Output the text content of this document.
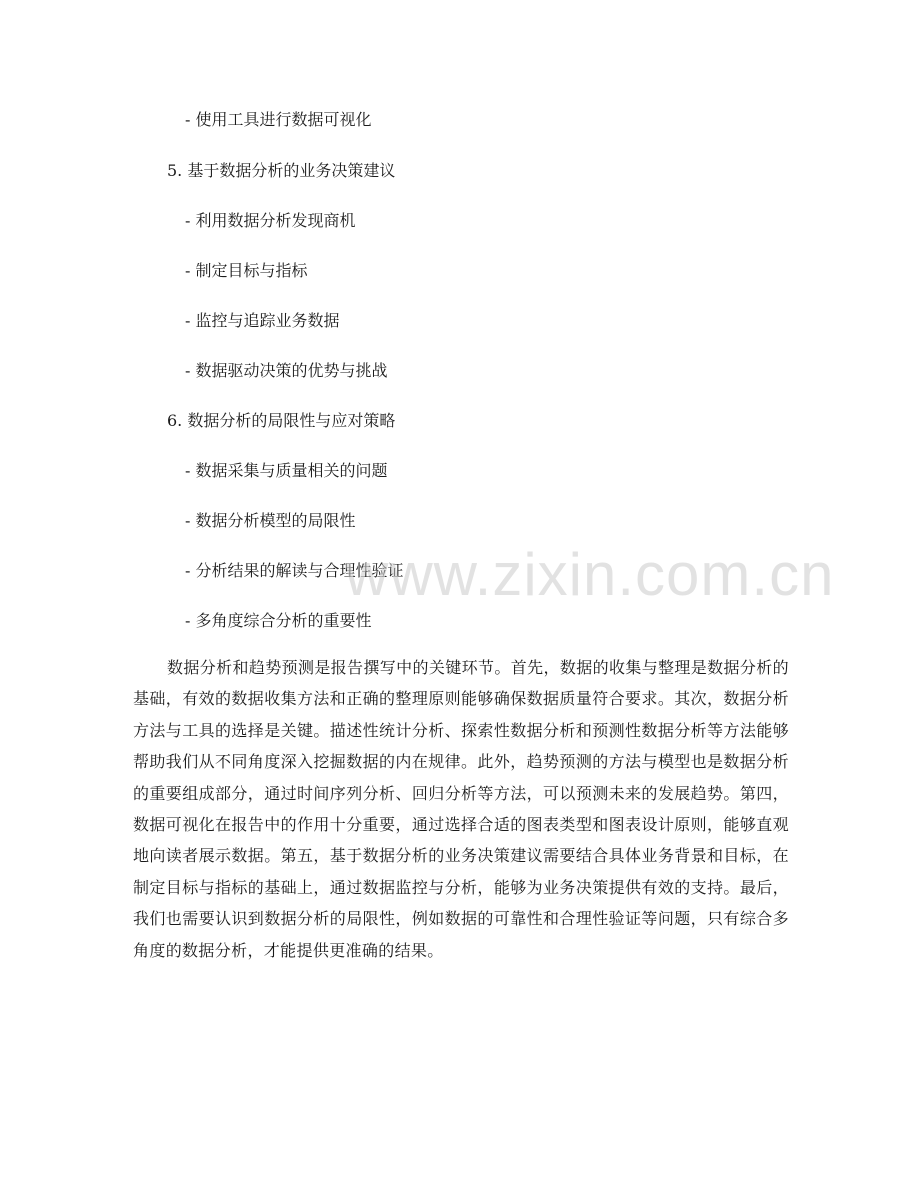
- 使用工具进行数据可视化
5. 基于数据分析的业务决策建议
- 利用数据分析发现商机
- 制定目标与指标
- 监控与追踪业务数据
- 数据驱动决策的优势与挑战
6. 数据分析的局限性与应对策略
- 数据采集与质量相关的问题
- 数据分析模型的局限性
- 分析结果的解读与合理性验证
- 多角度综合分析的重要性
www.zixin.com.cn

数据分析和趋势预测是报告撰写中的关键环节。首先，数据的收集与整理是数据分析的基础，有效的数据收集方法和正确的整理原则能够确保数据质量符合要求。其次，数据分析方法与工具的选择是关键。描述性统计分析、探索性数据分析和预测性数据分析等方法能够帮助我们从不同角度深入挖掘数据的内在规律。此外，趋势预测的方法与模型也是数据分析的重要组成部分，通过时间序列分析、回归分析等方法，可以预测未来的发展趋势。第四，数据可视化在报告中的作用十分重要，通过选择合适的图表类型和图表设计原则，能够直观地向读者展示数据。第五，基于数据分析的业务决策建议需要结合具体业务背景和目标，在制定目标与指标的基础上，通过数据监控与分析，能够为业务决策提供有效的支持。最后，我们也需要认识到数据分析的局限性，例如数据的可靠性和合理性验证等问题，只有综合多角度的数据分析，才能提供更准确的结果。
